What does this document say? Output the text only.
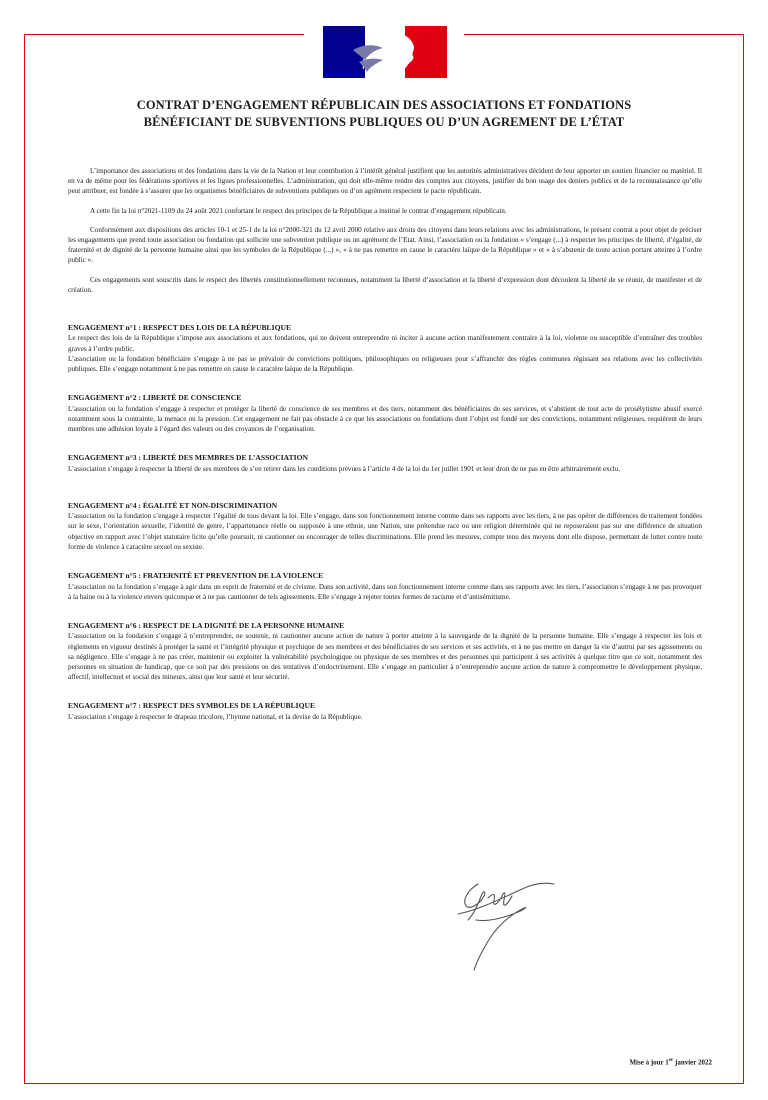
CONTRAT D’ENGAGEMENT RÉPUBLICAIN DES ASSOCIATIONS ET FONDATIONS
BÉNÉFICIANT DE SUBVENTIONS PUBLIQUES OU D’UN AGREMENT DE L’ÉTAT

L’importance des associations et des fondations dans la vie de la Nation et leur contribution à l’intérêt général justifient que les autorités administratives décident de leur apporter un soutien financier ou matériel. Il en va de même pour les fédérations sportives et les ligues professionnelles. L’administration, qui doit elle-même rendre des comptes aux citoyens, justifier du bon usage des deniers publics et de la reconnaissance qu’elle peut attribuer, est fondée à s’assurer que les organismes bénéficiaires de subventions publiques ou d’un agrément respectent le pacte républicain.

A cette fin la loi n°2021-1109 du 24 août 2021 confortant le respect des principes de la République a institué le contrat d’engagement républicain.

Conformément aux dispositions des articles 10-1 et 25-1 de la loi n°2000-321 du 12 avril 2000 relative aux droits des citoyens dans leurs relations avec les administrations, le présent contrat a pour objet de préciser les engagements que prend toute association ou fondation qui sollicite une subvention publique ou un agrément de l’Etat. Ainsi, l’association ou la fondation « s’engage (...) à respecter les principes de liberté, d’égalité, de fraternité et de dignité de la personne humaine ainsi que les symboles de la République (...) », « à ne pas remettre en cause le caractère laïque de la République » et « à s’abstenir de toute action portant atteinte à l’ordre public ».

Ces engagements sont souscrits dans le respect des libertés constitutionnellement reconnues, notamment la liberté d’association et la liberté d’expression dont découlent la liberté de se réunir, de manifester et de création.

ENGAGEMENT n°1 : RESPECT DES LOIS DE LA RÉPUBLIQUE

Le respect des lois de la République s’impose aux associations et aux fondations, qui ne doivent entreprendre ni inciter à aucune action manifestement contraire à la loi, violente ou susceptible d’entraîner des troubles graves à l’ordre public.

L’association ou la fondation bénéficiaire s’engage à ne pas se prévaloir de convictions politiques, philosophiques ou religieuses pour s’affranchir des règles communes régissant ses relations avec les collectivités publiques. Elle s’engage notamment à ne pas remettre en cause le caractère laïque de la République.

ENGAGEMENT n°2 : LIBERTÉ DE CONSCIENCE

L’association ou la fondation s’engage à respecter et protéger la liberté de conscience de ses membres et des tiers, notamment des bénéficiaires de ses services, et s’abstient de tout acte de prosélytisme abusif exercé notamment sous la contrainte, la menace ou la pression. Cet engagement ne fait pas obstacle à ce que les associations ou fondations dont l’objet est fondé sur des convictions, notamment religieuses, requièrent de leurs membres une adhésion loyale à l’égard des valeurs ou des croyances de l’organisation.

ENGAGEMENT n°3 : LIBERTÉ DES MEMBRES DE L’ASSOCIATION

L’association s’engage à respecter la liberté de ses membres de s’en retirer dans les conditions prévues à l’article 4 de la loi du 1er juillet 1901 et leur droit de ne pas en être arbitrairement exclu.

ENGAGEMENT n°4 : ÉGALITÉ ET NON-DISCRIMINATION

L’association ou la fondation s’engage à respecter l’égalité de tous devant la loi. Elle s’engage, dans son fonctionnement interne comme dans ses rapports avec les tiers, à ne pas opérer de différences de traitement fondées sur le sexe, l’orientation sexuelle, l’identité de genre, l’appartenance réelle ou supposée à une ethnie, une Nation, une prétendue race ou une religion déterminée qui ne reposeraient pas sur une différence de situation objective en rapport avec l’objet statutaire licite qu’elle poursuit, ni cautionner ou encourager de telles discriminations. Elle prend les mesures, compte tenu des moyens dont elle dispose, permettant de lutter contre toute forme de violence à caractère sexuel ou sexiste.

ENGAGEMENT n°5 : FRATERNITÉ ET PREVENTION DE LA VIOLENCE

L’association ou la fondation s’engage à agir dans un esprit de fraternité et de civisme. Dans son activité, dans son fonctionnement interne comme dans ses rapports avec les tiers, l’association s’engage à ne pas provoquer à la haine ou à la violence envers quiconque et à ne pas cautionner de tels agissements. Elle s’engage à rejeter toutes formes de racisme et d’antisémitisme.

ENGAGEMENT n°6 : RESPECT DE LA DIGNITÉ DE LA PERSONNE HUMAINE

L’association ou la fondation s’engage à n’entreprendre, ne soutenir, ni cautionner aucune action de nature à porter atteinte à la sauvegarde de la dignité de la personne humaine. Elle s’engage à respecter les lois et règlements en vigueur destinés à protéger la santé et l’intégrité physique et psychique de ses membres et des bénéficiaires de ses services et ses activités, et à ne pas mettre en danger la vie d’autrui par ses agissements ou sa négligence. Elle s’engage à ne pas créer, maintenir ou exploiter la vulnérabilité psychologique ou physique de ses membres et des personnes qui participent à ses activités à quelque titre que ce soit, notamment des personnes en situation de handicap, que ce soit par des pressions ou des tentatives d’endoctrinement. Elle s’engage en particulier à n’entreprendre aucune action de nature à compromettre le développement physique, affectif, intellectuel et social des mineurs, ainsi que leur santé et leur sécurité.

ENGAGEMENT n°7 : RESPECT DES SYMBOLES DE LA RÉPUBLIQUE

L’association s’engage à respecter le drapeau tricolore, l’hymne national, et la devise de la République.

Mise à jour 1er janvier 2022
